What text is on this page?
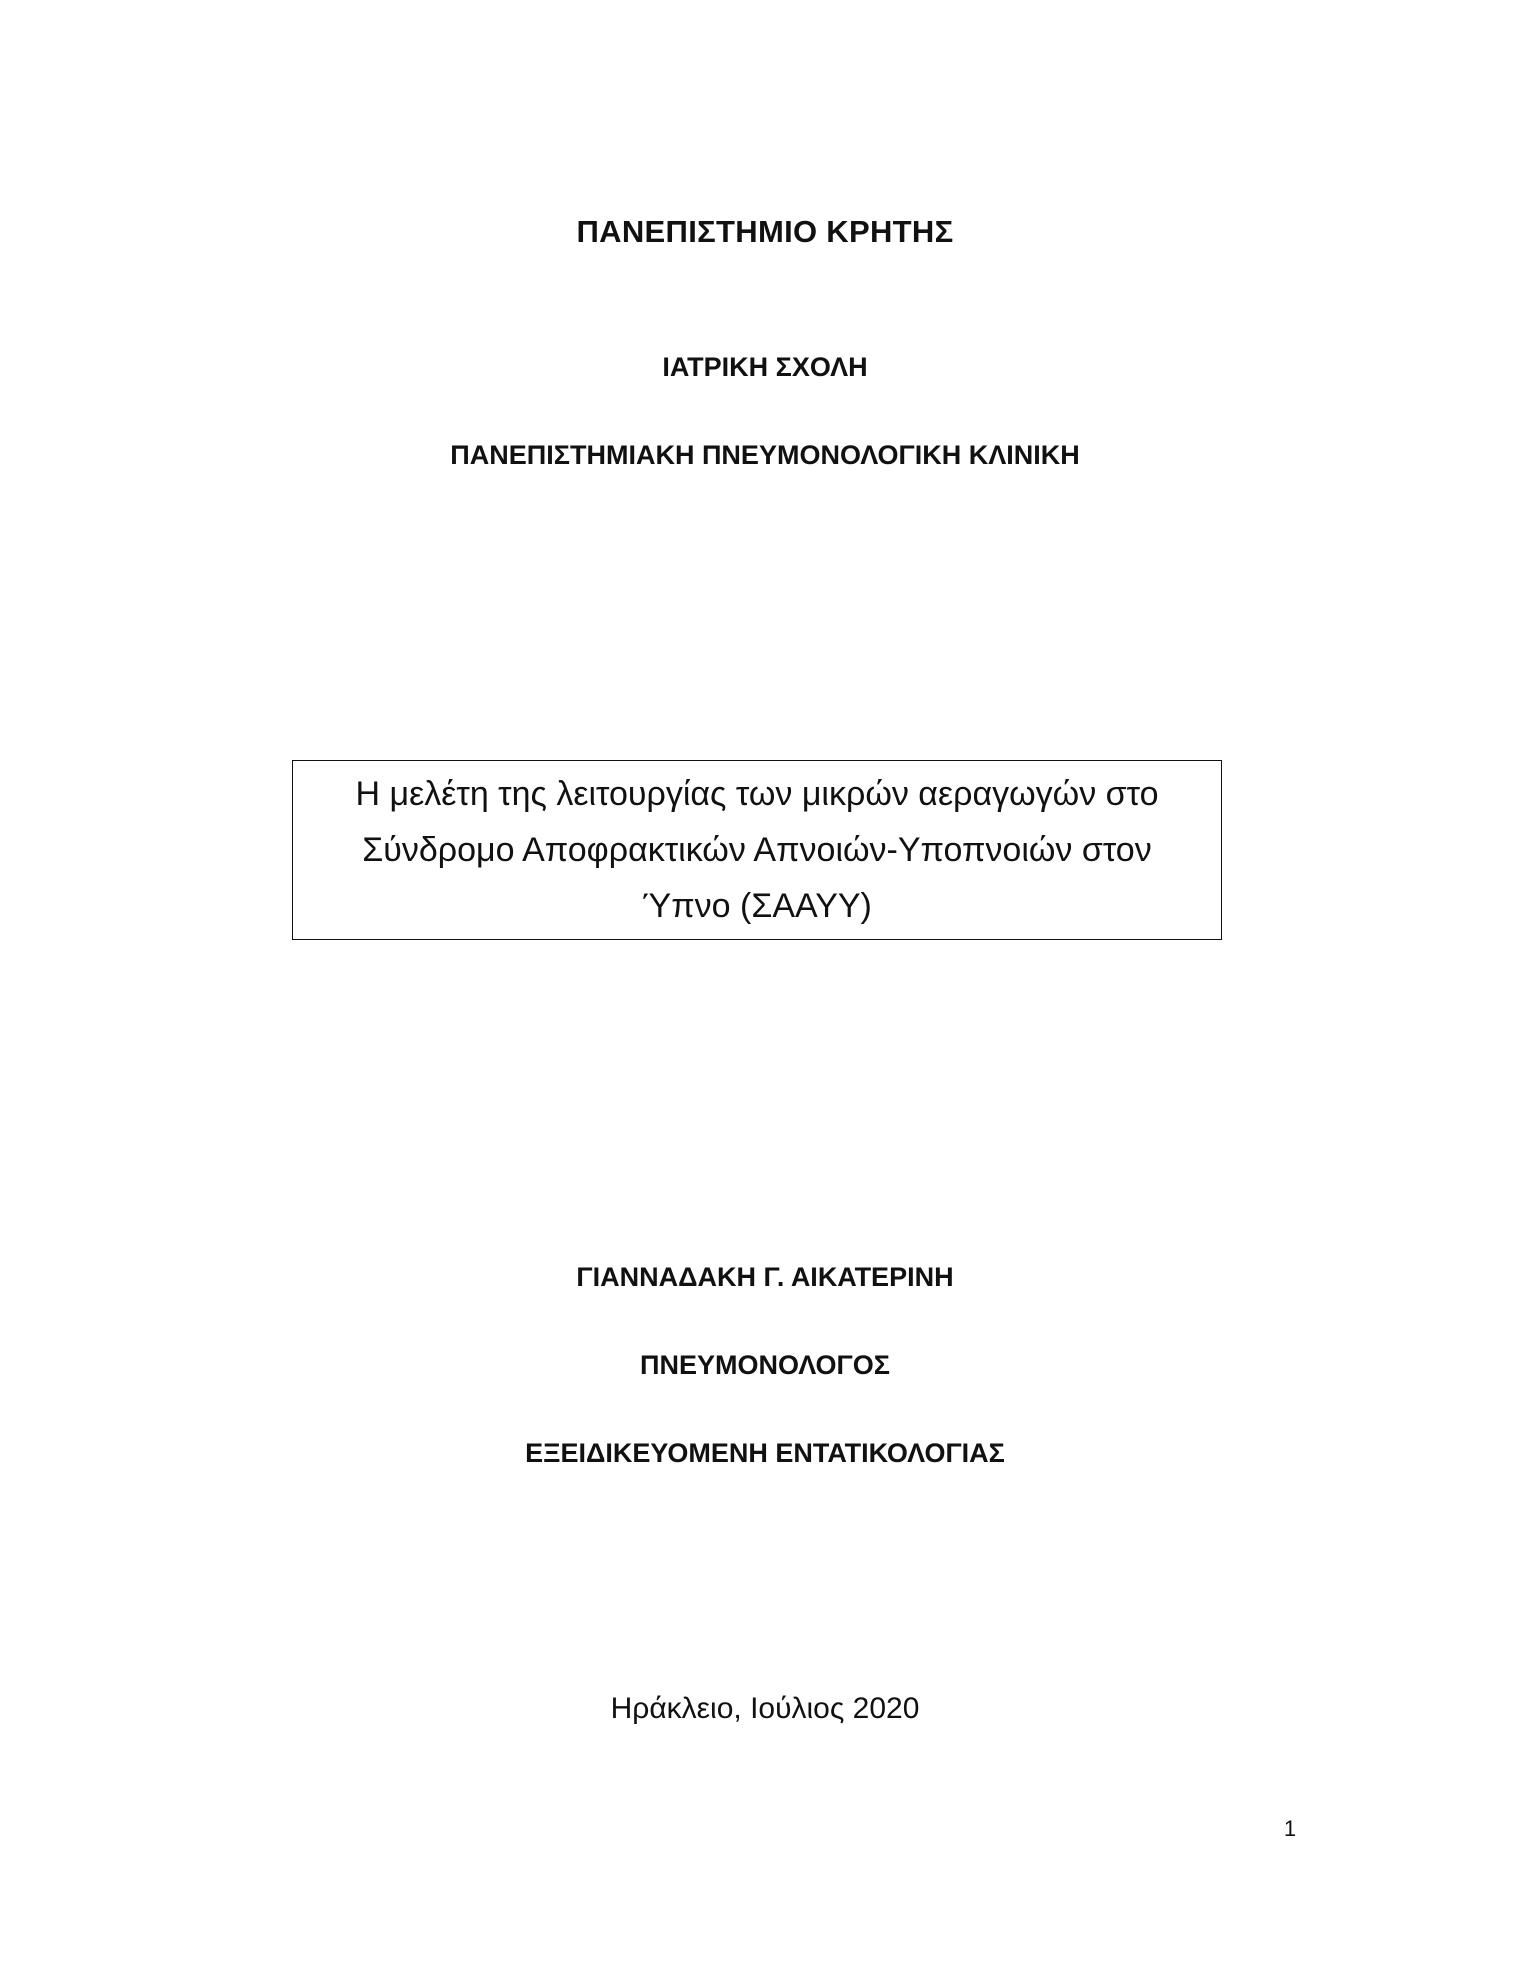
ΠΑΝΕΠΙΣΤΗΜΙΟ ΚΡΗΤΗΣ
ΙΑΤΡΙΚΗ ΣΧΟΛΗ
ΠΑΝΕΠΙΣΤΗΜΙΑΚΗ ΠΝΕΥΜΟΝΟΛΟΓΙΚΗ ΚΛΙΝΙΚΗ
Η μελέτη της λειτουργίας των μικρών αεραγωγών στο
Σύνδρομο Αποφρακτικών Απνοιών-Υποπνοιών στον
Ύπνο (ΣΑΑΥΥ)
ΓΙΑΝΝΑΔΑΚΗ Γ. ΑΙΚΑΤΕΡΙΝΗ
ΠΝΕΥΜΟΝΟΛΟΓΟΣ
ΕΞΕΙΔΙΚΕΥΟΜΕΝΗ ΕΝΤΑΤΙΚΟΛΟΓΙΑΣ
Ηράκλειο, Ιούλιος 2020
1
